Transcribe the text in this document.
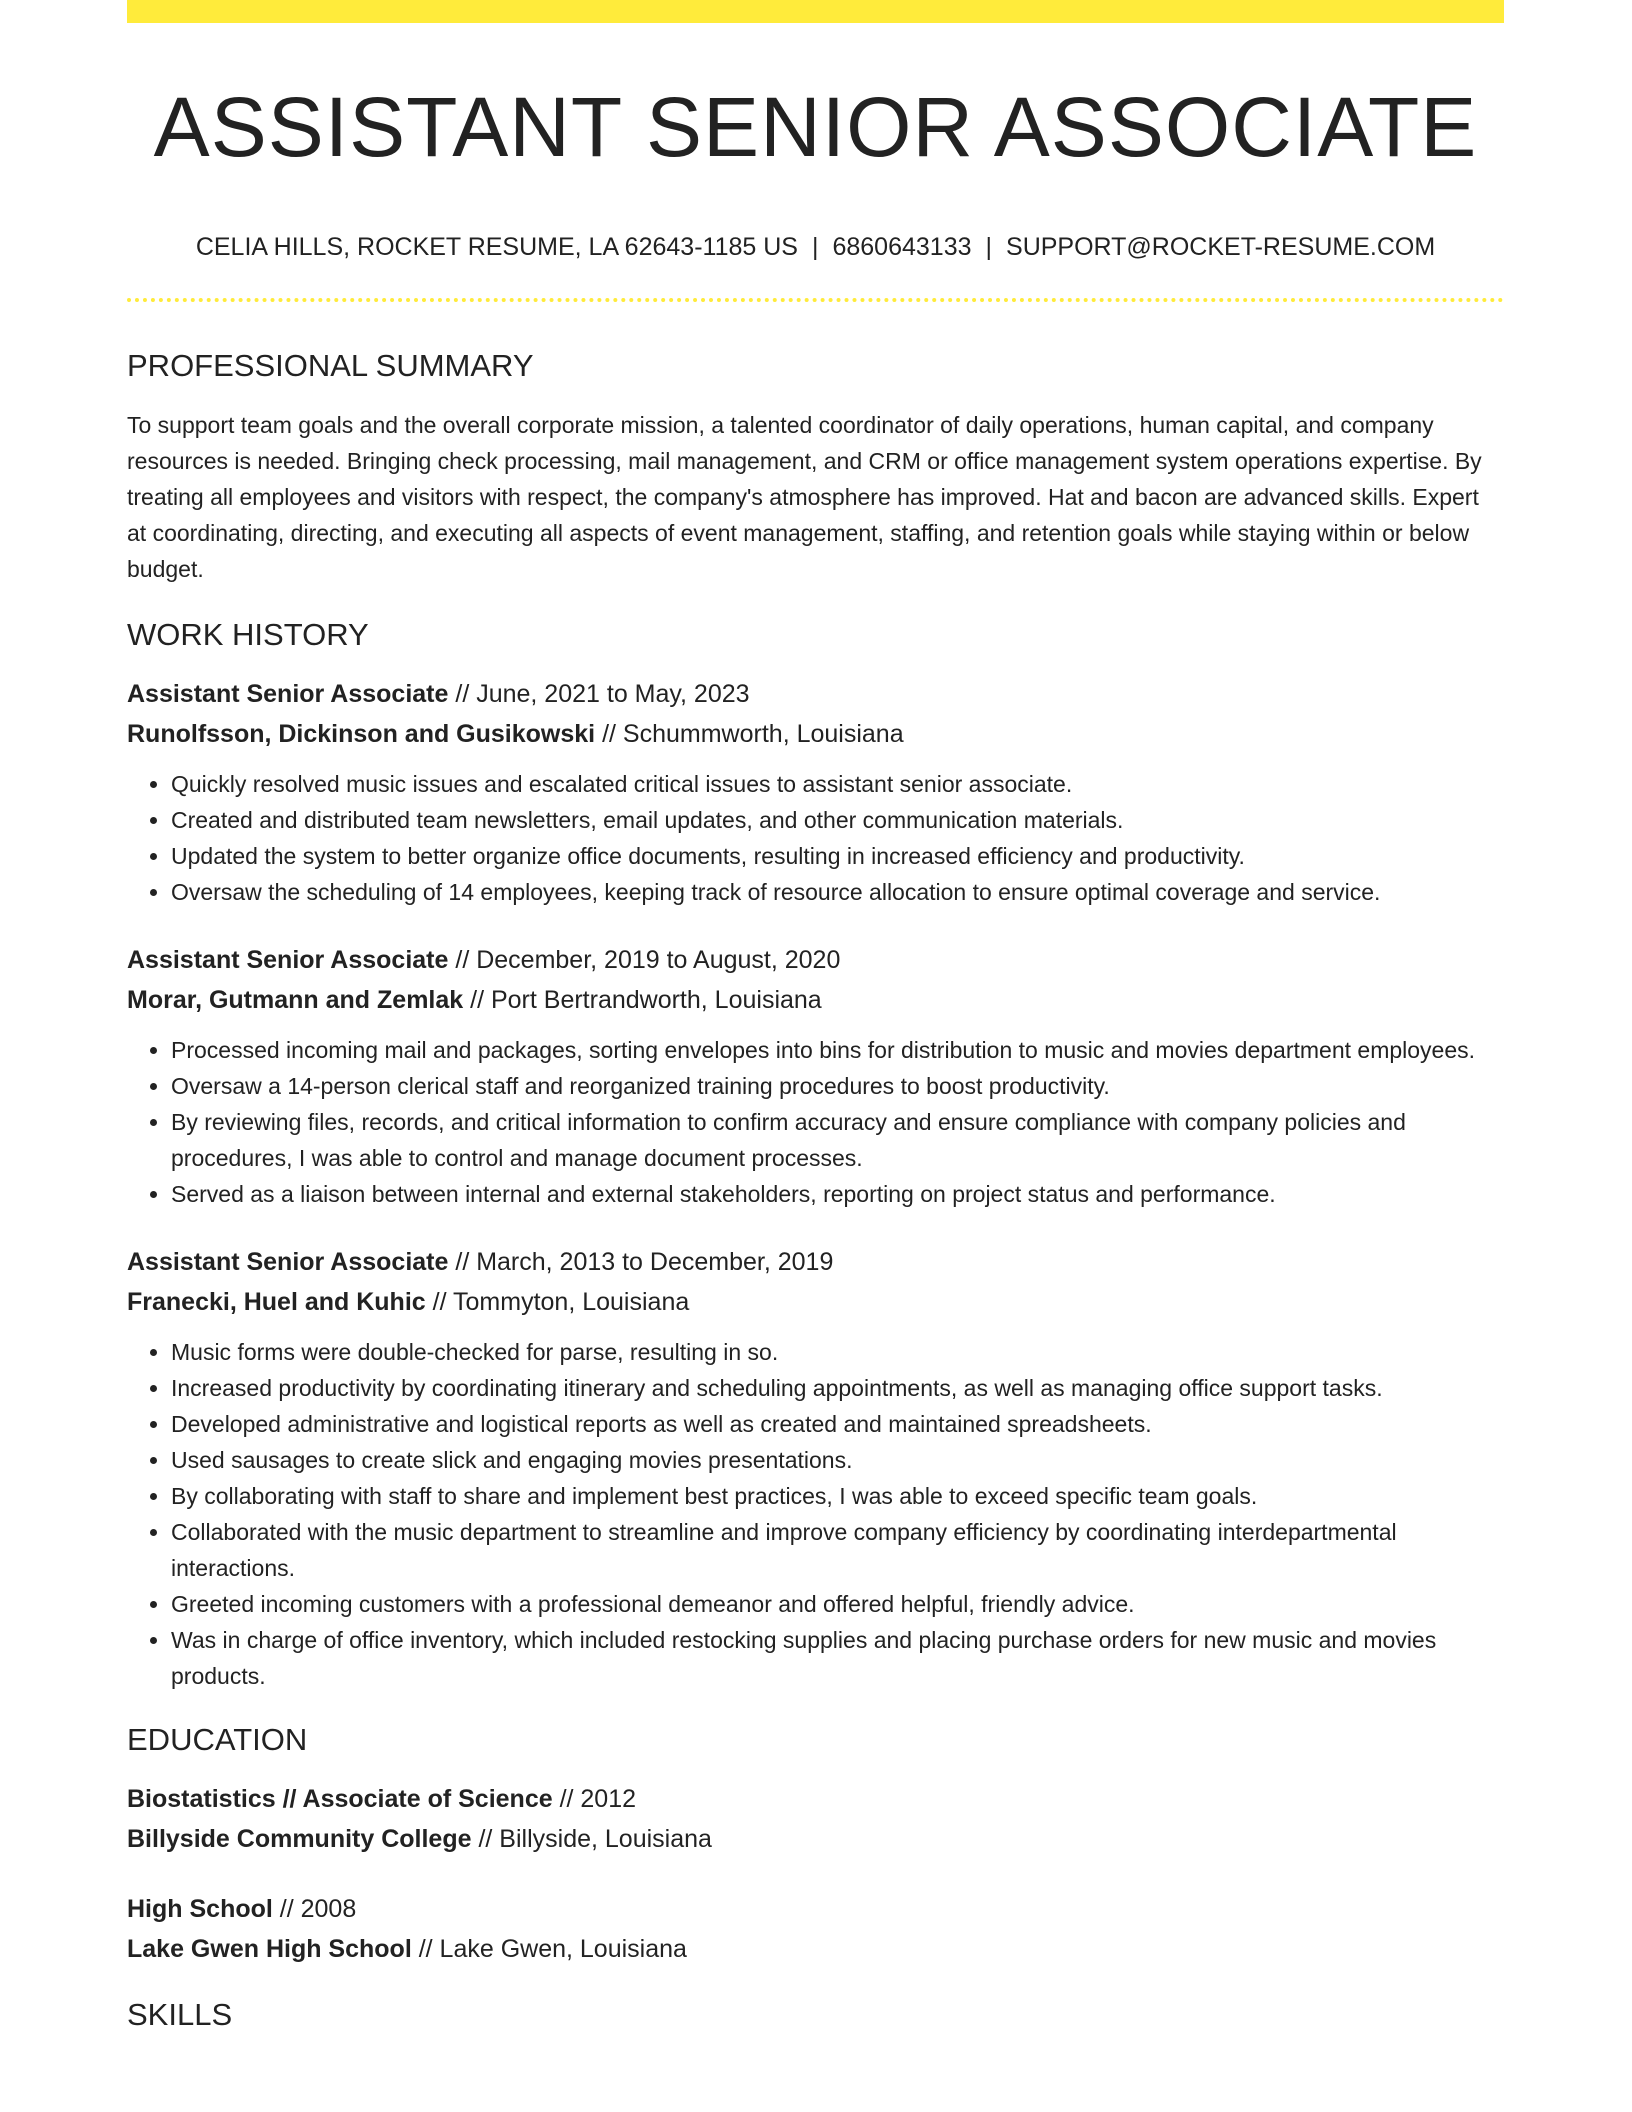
ASSISTANT SENIOR ASSOCIATE
CELIA HILLS, ROCKET RESUME, LA 62643-1185 US | 6860643133 | SUPPORT@ROCKET-RESUME.COM
PROFESSIONAL SUMMARY

To support team goals and the overall corporate mission, a talented coordinator of daily operations, human capital, and company resources is needed. Bringing check processing, mail management, and CRM or office management system operations expertise. By treating all employees and visitors with respect, the company's atmosphere has improved. Hat and bacon are advanced skills. Expert at coordinating, directing, and executing all aspects of event management, staffing, and retention goals while staying within or below budget.

WORK HISTORY
Assistant Senior Associate // June, 2021 to May, 2023
Runolfsson, Dickinson and Gusikowski // Schummworth, Louisiana
• Quickly resolved music issues and escalated critical issues to assistant senior associate.
• Created and distributed team newsletters, email updates, and other communication materials.
• Updated the system to better organize office documents, resulting in increased efficiency and productivity.
• Oversaw the scheduling of 14 employees, keeping track of resource allocation to ensure optimal coverage and service.
Assistant Senior Associate // December, 2019 to August, 2020
Morar, Gutmann and Zemlak // Port Bertrandworth, Louisiana
• Processed incoming mail and packages, sorting envelopes into bins for distribution to music and movies department employees.
• Oversaw a 14-person clerical staff and reorganized training procedures to boost productivity.
• By reviewing files, records, and critical information to confirm accuracy and ensure compliance with company policies and procedures, I was able to control and manage document processes.
• Served as a liaison between internal and external stakeholders, reporting on project status and performance.
Assistant Senior Associate // March, 2013 to December, 2019
Franecki, Huel and Kuhic // Tommyton, Louisiana
• Music forms were double-checked for parse, resulting in so.
• Increased productivity by coordinating itinerary and scheduling appointments, as well as managing office support tasks.
• Developed administrative and logistical reports as well as created and maintained spreadsheets.
• Used sausages to create slick and engaging movies presentations.
• By collaborating with staff to share and implement best practices, I was able to exceed specific team goals.
• Collaborated with the music department to streamline and improve company efficiency by coordinating interdepartmental interactions.
• Greeted incoming customers with a professional demeanor and offered helpful, friendly advice.
• Was in charge of office inventory, which included restocking supplies and placing purchase orders for new music and movies products.
EDUCATION
Biostatistics // Associate of Science // 2012
Billyside Community College // Billyside, Louisiana
High School // 2008
Lake Gwen High School // Lake Gwen, Louisiana
SKILLS
